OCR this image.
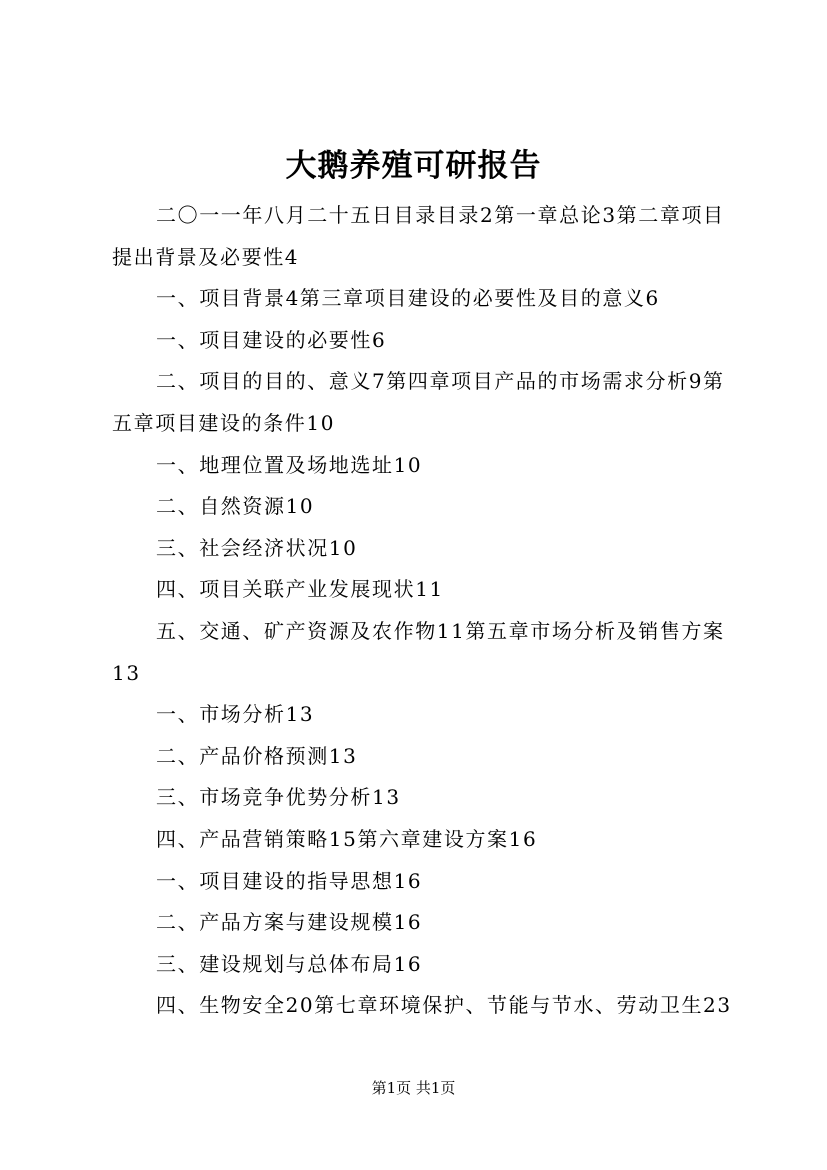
大鹅养殖可研报告

二〇一一年八月二十五日目录目录2第一章总论3第二章项目提出背景及必要性4

一、项目背景4第三章项目建设的必要性及目的意义6

一、项目建设的必要性6

二、项目的目的、意义7第四章项目产品的市场需求分析9第五章项目建设的条件10

一、地理位置及场地选址10

二、自然资源10

三、社会经济状况10

四、项目关联产业发展现状11

五、交通、矿产资源及农作物11第五章市场分析及销售方案13

一、市场分析13

二、产品价格预测13

三、市场竞争优势分析13

四、产品营销策略15第六章建设方案16

一、项目建设的指导思想16

二、产品方案与建设规模16

三、建设规划与总体布局16

四、生物安全20第七章环境保护、节能与节水、劳动卫生23

第1页 共1页
